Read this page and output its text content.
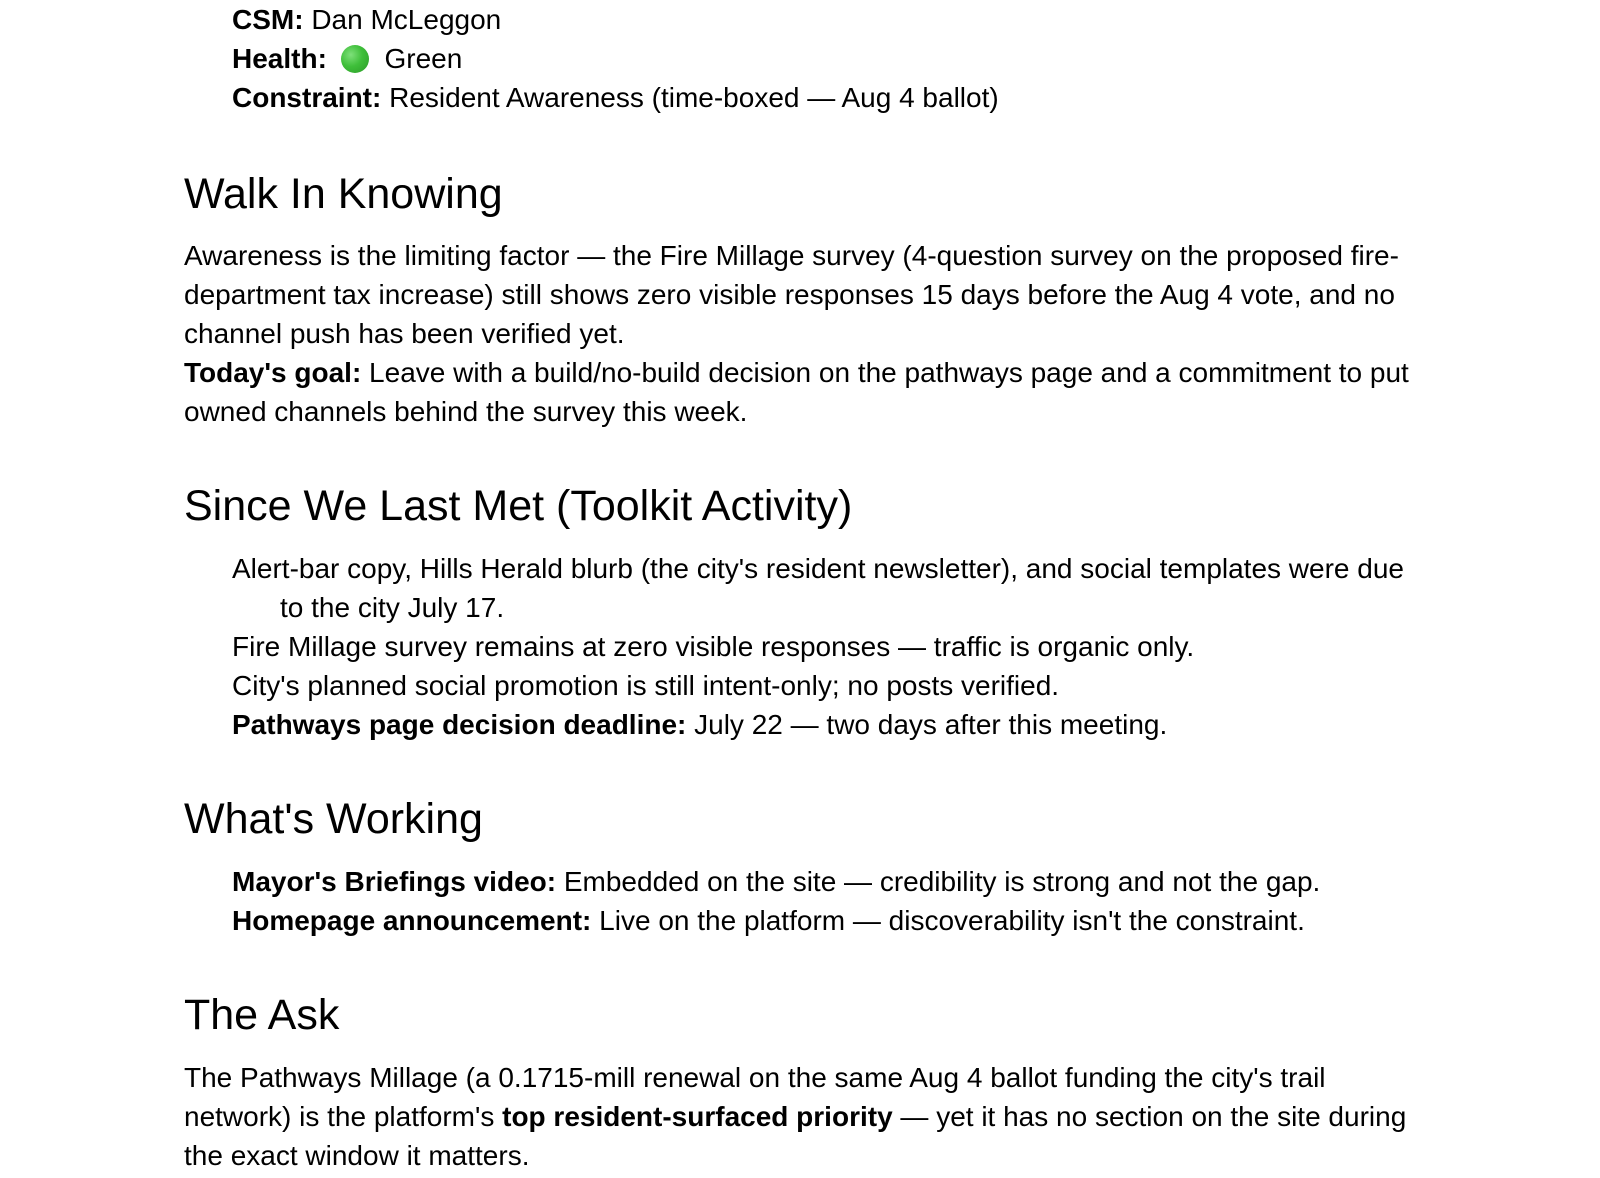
CSM: Dan McLeggon
Health: Green
Constraint: Resident Awareness (time-boxed — Aug 4 ballot)
Walk In Knowing

Awareness is the limiting factor — the Fire Millage survey (4-question survey on the proposed fire-department tax increase) still shows zero visible responses 15 days before the Aug 4 vote, and no channel push has been verified yet.

Today's goal: Leave with a build/no-build decision on the pathways page and a commitment to put owned channels behind the survey this week.

Since We Last Met (Toolkit Activity)
Alert-bar copy, Hills Herald blurb (the city's resident newsletter), and social templates were due to the city July 17.
Fire Millage survey remains at zero visible responses — traffic is organic only.
City's planned social promotion is still intent-only; no posts verified.
Pathways page decision deadline: July 22 — two days after this meeting.
What's Working
Mayor's Briefings video: Embedded on the site — credibility is strong and not the gap.
Homepage announcement: Live on the platform — discoverability isn't the constraint.
The Ask

The Pathways Millage (a 0.1715-mill renewal on the same Aug 4 ballot funding the city's trail network) is the platform's top resident-surfaced priority — yet it has no section on the site during the exact window it matters.
